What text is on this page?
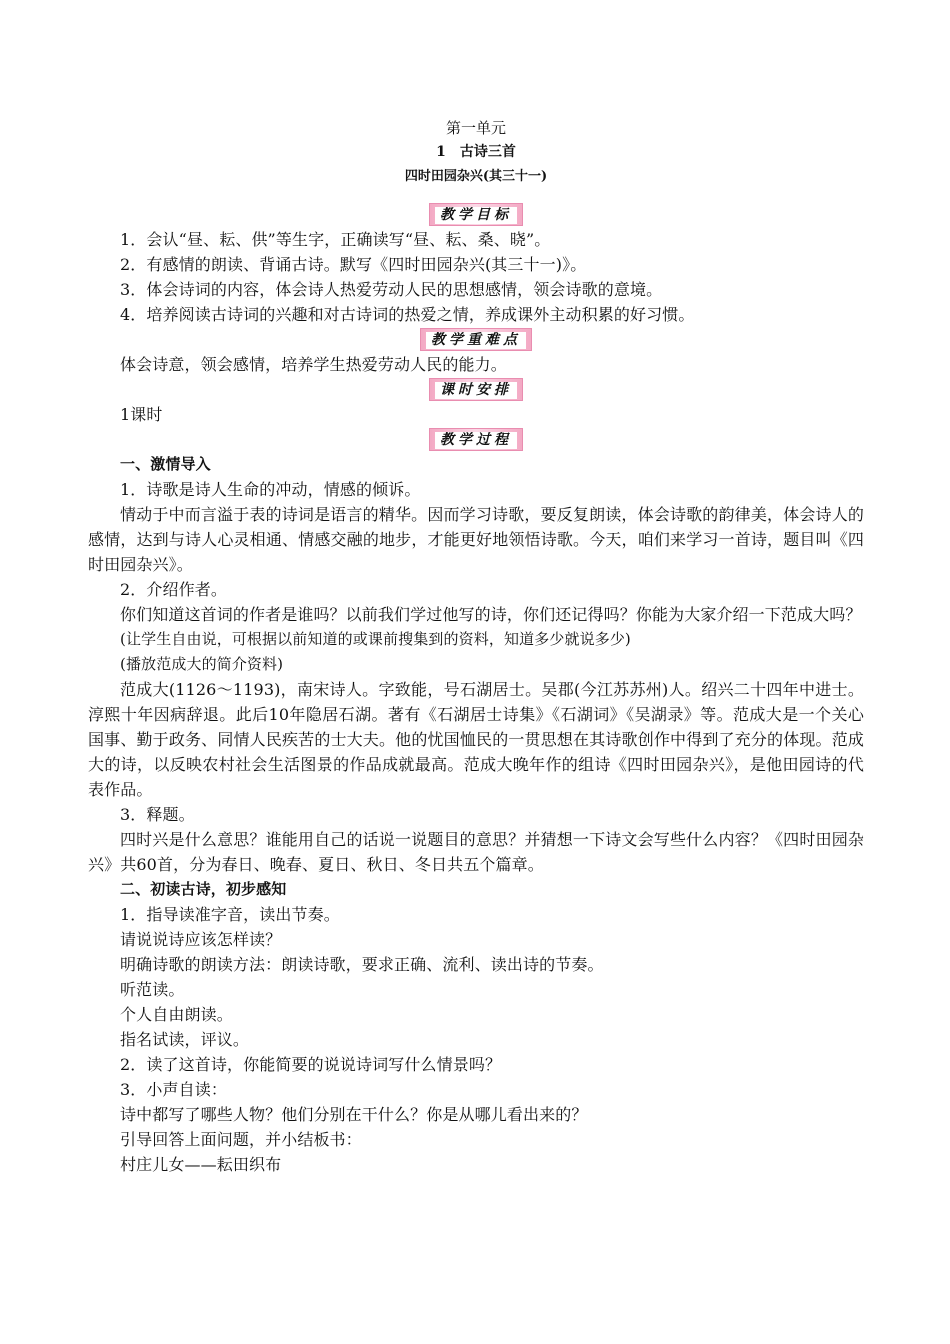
第一单元
1　古诗三首
四时田园杂兴(其三十一)
教学目标

1．会认“昼、耘、供”等生字，正确读写“昼、耘、桑、晓”。

2．有感情的朗读、背诵古诗。默写《四时田园杂兴(其三十一)》。

3．体会诗词的内容，体会诗人热爱劳动人民的思想感情，领会诗歌的意境。

4．培养阅读古诗词的兴趣和对古诗词的热爱之情，养成课外主动积累的好习惯。

教学重难点

体会诗意，领会感情，培养学生热爱劳动人民的能力。

课时安排

1课时

教学过程

一、激情导入

1．诗歌是诗人生命的冲动，情感的倾诉。

情动于中而言溢于表的诗词是语言的精华。因而学习诗歌，要反复朗读，体会诗歌的韵律美，体会诗人的感情，达到与诗人心灵相通、情感交融的地步，才能更好地领悟诗歌。今天，咱们来学习一首诗，题目叫《四时田园杂兴》。

2．介绍作者。

你们知道这首词的作者是谁吗？以前我们学过他写的诗，你们还记得吗？你能为大家介绍一下范成大吗？

(让学生自由说，可根据以前知道的或课前搜集到的资料，知道多少就说多少)

(播放范成大的简介资料)

范成大(1126～1193)，南宋诗人。字致能，号石湖居士。吴郡(今江苏苏州)人。绍兴二十四年中进士。淳熙十年因病辞退。此后10年隐居石湖。著有《石湖居士诗集》《石湖词》《吴湖录》等。范成大是一个关心国事、勤于政务、同情人民疾苦的士大夫。他的忧国恤民的一贯思想在其诗歌创作中得到了充分的体现。范成大的诗，以反映农村社会生活图景的作品成就最高。范成大晚年作的组诗《四时田园杂兴》，是他田园诗的代表作品。

3．释题。

四时兴是什么意思？谁能用自己的话说一说题目的意思？并猜想一下诗文会写些什么内容？《四时田园杂兴》共60首，分为春日、晚春、夏日、秋日、冬日共五个篇章。

二、初读古诗，初步感知

1．指导读准字音，读出节奏。

请说说诗应该怎样读？

明确诗歌的朗读方法：朗读诗歌，要求正确、流利、读出诗的节奏。

听范读。

个人自由朗读。

指名试读，评议。

2．读了这首诗，你能简要的说说诗词写什么情景吗？

3．小声自读：

诗中都写了哪些人物？他们分别在干什么？你是从哪儿看出来的？

引导回答上面问题，并小结板书：

村庄儿女——耘田织布
